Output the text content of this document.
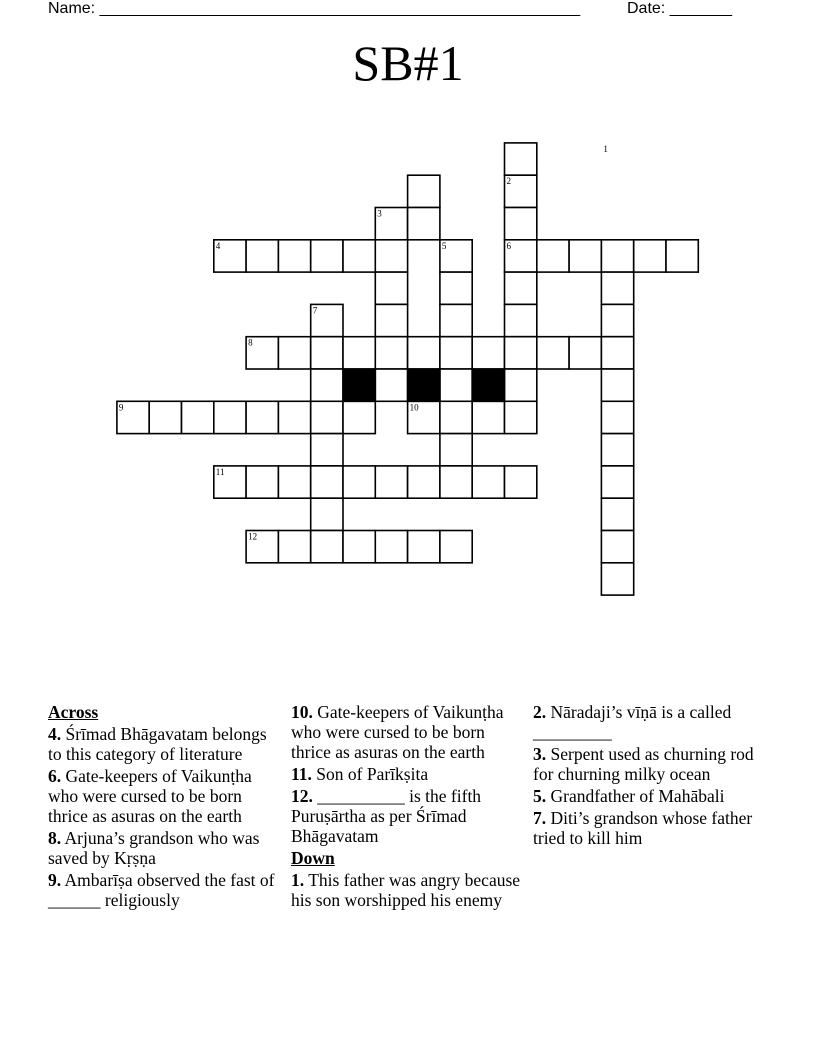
Name: ______________________________________________________	Date: _______
SB#1
1
2
3
4	5	6
7
8
9	10
11
12
Across
4. Śrīmad Bhāgavatam belongs to this category of literature
6. Gate-keepers of Vaikunṭha who were cursed to be born thrice as asuras on the earth
8. Arjuna’s grandson who was saved by Kṛṣṇa
9. Ambarīṣa observed the fast of ______ religiously
10. Gate-keepers of Vaikunṭha who were cursed to be born thrice as asuras on the earth
11. Son of Parīkṣita
12. __________ is the fifth Puruṣārtha as per Śrīmad Bhāgavatam
Down
1. This father was angry because his son worshipped his enemy
2. Nāradaji’s vīṇā is a called _________
3. Serpent used as churning rod for churning milky ocean
5. Grandfather of Mahābali
7. Diti’s grandson whose father tried to kill him
